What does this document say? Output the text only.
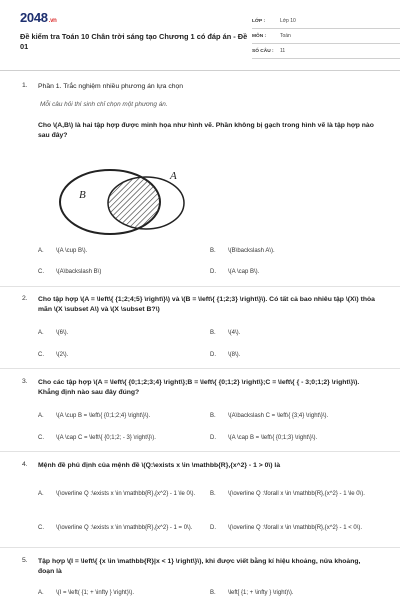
2048.vn
Đề kiểm tra Toán 10 Chân trời sáng tạo Chương 1 có đáp án - Đề 01
LỚP :	Lớp 10
MÔN :	Toán
SỐ CÂU :	11
1. Phần 1. Trắc nghiệm nhiều phương án lựa chọn
Mỗi câu hỏi thí sinh chỉ chọn một phương án.
Cho \(A,B\) là hai tập hợp được minh họa như hình vẽ. Phần không bị gạch trong hình vẽ là tập hợp nào sau đây?
B
A
A.	\(A \cup B\).	B.	\(B\backslash A\).
C.	\(A\backslash B\)	D.	\(A \cap B\).
2. Cho tập hợp \(A = \left\{ {1;2;4;5} \right\}\) và \(B = \left\{ {1;2;3} \right\}\). Có tất cả bao nhiêu tập \(X\) thỏa mãn \(X \subset A\) và \(X \subset B?\)
A.	\(6\).	B.	\(4\).
C.	\(2\).	D.	\(8\).
3. Cho các tập hợp \(A = \left\{ {0;1;2;3;4} \right\};B = \left\{ {0;1;2} \right\};C = \left\{ { - 3;0;1;2} \right\}\). Khẳng định nào sau đây đúng?
A.	\(A \cup B = \left\{ {0;1;2;4} \right\}\).	B.	\(A\backslash C = \left\{ {3;4} \right\}\).
C.	\(A \cap C = \left\{ {0;1;2; - 3} \right\}\).	D.	\(A \cap B = \left\{ {0;1;3} \right\}\).
4. Mệnh đề phủ định của mệnh đề \(Q:\exists x \in \mathbb{R},{x^2} - 1 > 0\) là
A.	\(\overline Q :\exists x \in \mathbb{R},{x^2} - 1 \le 0\).	B.	\(\overline Q :\forall x \in \mathbb{R},{x^2} - 1 \le 0\).
C.	\(\overline Q :\exists x \in \mathbb{R},{x^2} - 1 = 0\).	D.	\(\overline Q :\forall x \in \mathbb{R},{x^2} - 1 < 0\).
5. Tập hợp \(I = \left\{ {x \in \mathbb{R}|x < 1} \right\}\), khi được viết bằng kí hiệu khoảng, nửa khoảng, đoạn là
A.	\(I = \left( {1; + \infty } \right)\).	B.	\left[ {1; + \infty } \right)\).
